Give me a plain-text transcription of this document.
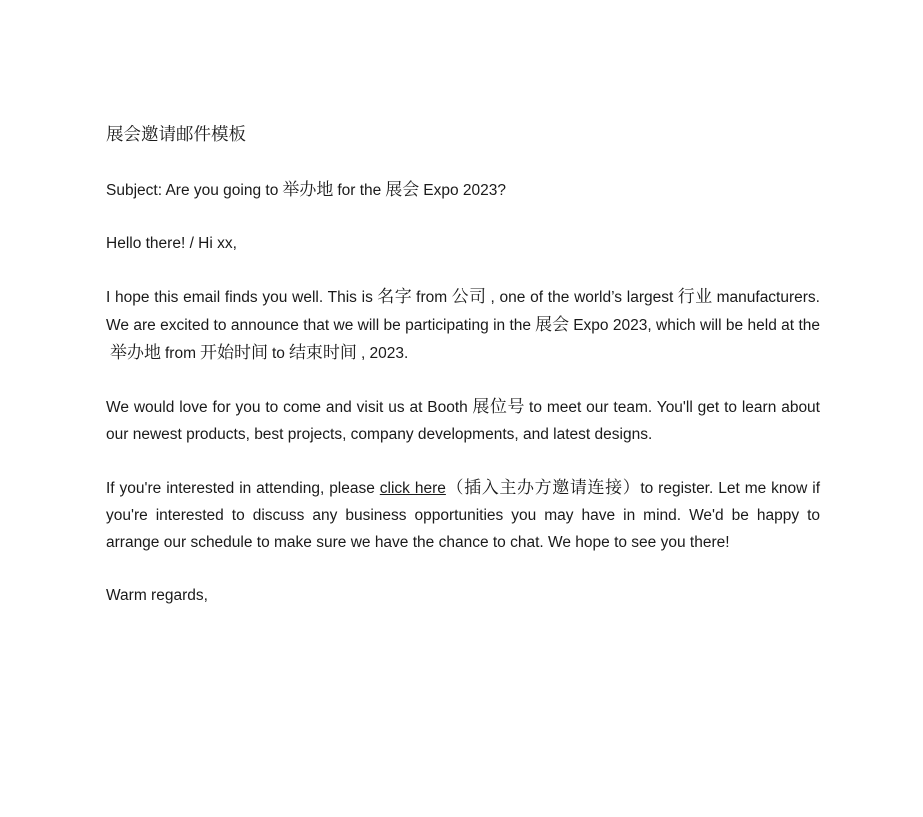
展会邀请邮件模板

Subject: Are you going to 举办地 for the 展会 Expo 2023?

Hello there! / Hi xx,

I hope this email finds you well. This is 名字 from 公司 , one of the world’s largest 行业 manufacturers. We are excited to announce that we will be participating in the 展会 Expo 2023, which will be held at the举办地 from 开始时间 to 结束时间 , 2023.

We would love for you to come and visit us at Booth 展位号 to meet our team. You'll get to learn about our newest products, best projects, company developments, and latest designs.

If you're interested in attending, please click here（插入主办方邀请连接）to register. Let me know if you're interested to discuss any business opportunities you may have in mind. We'd be happy to arrange our schedule to make sure we have the chance to chat. We hope to see you there!

Warm regards,
